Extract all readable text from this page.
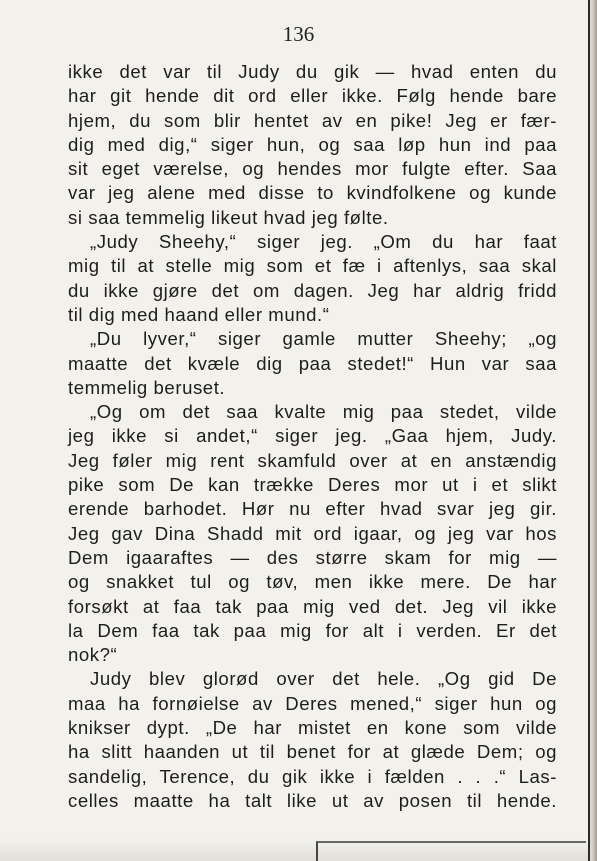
136
ikke det var til Judy du gik — hvad enten du
har git hende dit ord eller ikke. Følg hende bare
hjem, du som blir hentet av en pike! Jeg er fær-
dig med dig,“ siger hun, og saa løp hun ind paa
sit eget værelse, og hendes mor fulgte efter. Saa
var jeg alene med disse to kvindfolkene og kunde
si saa temmelig likeut hvad jeg følte.
„Judy Sheehy,“ siger jeg. „Om du har faat
mig til at stelle mig som et fæ i aftenlys, saa skal
du ikke gjøre det om dagen. Jeg har aldrig fridd
til dig med haand eller mund.“
„Du lyver,“ siger gamle mutter Sheehy; „og
maatte det kvæle dig paa stedet!“ Hun var saa
temmelig beruset.
„Og om det saa kvalte mig paa stedet, vilde
jeg ikke si andet,“ siger jeg. „Gaa hjem, Judy.
Jeg føler mig rent skamfuld over at en anstændig
pike som De kan trække Deres mor ut i et slikt
erende barhodet. Hør nu efter hvad svar jeg gir.
Jeg gav Dina Shadd mit ord igaar, og jeg var hos
Dem igaaraftes — des større skam for mig —
og snakket tul og tøv, men ikke mere. De har
forsøkt at faa tak paa mig ved det. Jeg vil ikke
la Dem faa tak paa mig for alt i verden. Er det
nok?“
Judy blev glorød over det hele. „Og gid De
maa ha fornøielse av Deres mened,“ siger hun og
knikser dypt. „De har mistet en kone som vilde
ha slitt haanden ut til benet for at glæde Dem; og
sandelig, Terence, du gik ikke i fælden . . .“ Las-
celles maatte ha talt like ut av posen til hende.
